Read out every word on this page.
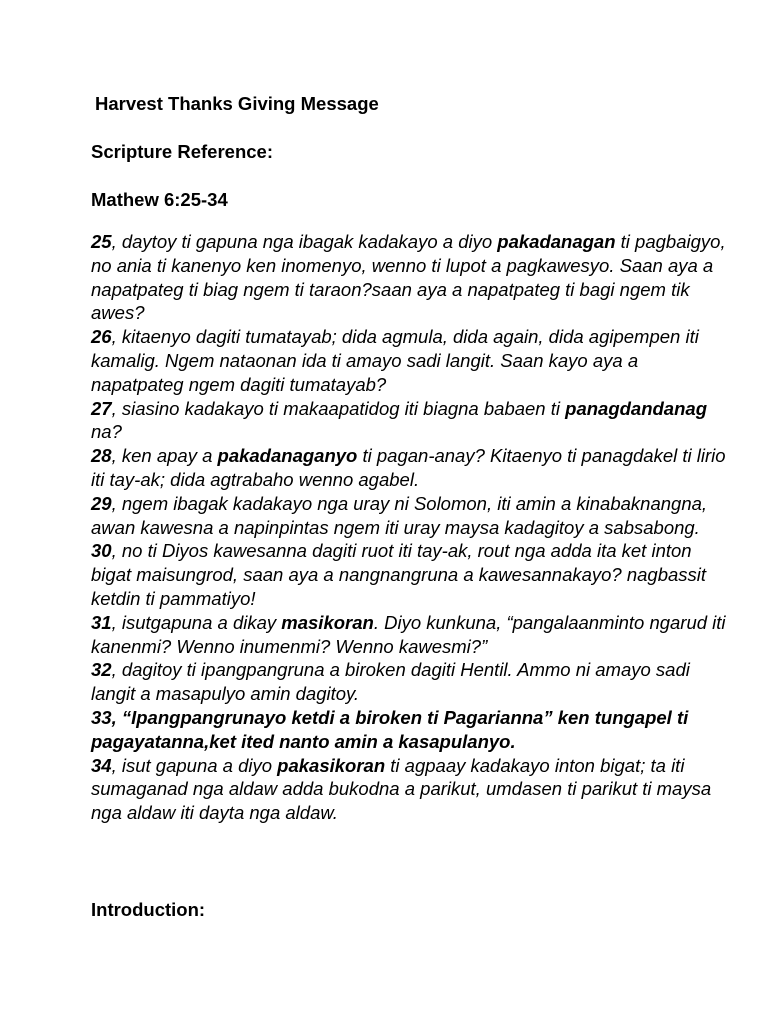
Harvest Thanks Giving Message
Scripture Reference:
Mathew 6:25-34
25, daytoy ti gapuna nga ibagak kadakayo a diyo pakadanagan ti pagbaigyo, no ania ti kanenyo ken inomenyo, wenno ti lupot a pagkawesyo. Saan aya a napatpateg ti biag ngem ti taraon?saan aya a napatpateg ti bagi ngem tik awes?
26, kitaenyo dagiti tumatayab; dida agmula, dida again, dida agipempen iti kamalig. Ngem nataonan ida ti amayo sadi langit. Saan kayo aya a napatpateg ngem dagiti tumatayab?
27, siasino kadakayo ti makaapatidog iti biagna babaen ti panagdandanag na?
28, ken apay a pakadanaganyo ti pagan-anay? Kitaenyo ti panagdakel ti lirio iti tay-ak; dida agtrabaho wenno agabel.
29, ngem ibagak kadakayo nga uray ni Solomon, iti amin a kinabaknangna, awan kawesna a napinpintas ngem iti uray maysa kadagitoy a sabsabong.
30, no ti Diyos kawesanna dagiti ruot iti tay-ak, rout nga adda ita ket inton bigat maisungrod, saan aya a nangnangruna a kawesannakayo? nagbassit ketdin ti pammatiyo!
31, isutgapuna a dikay masikoran. Diyo kunkuna, “pangalaanminto ngarud iti kanenmi? Wenno inumenmi? Wenno kawesmi?”
32, dagitoy ti ipangpangruna a biroken dagiti Hentil. Ammo ni amayo sadi langit a masapulyo amin dagitoy.
33, “Ipangpangrunayo ketdi a biroken ti Pagarianna” ken tungapel ti pagayatanna,ket ited nanto amin a kasapulanyo.
34, isut gapuna a diyo pakasikoran ti agpaay kadakayo inton bigat; ta iti sumaganad nga aldaw adda bukodna a parikut, umdasen ti parikut ti maysa nga aldaw iti dayta nga aldaw.
Introduction:
